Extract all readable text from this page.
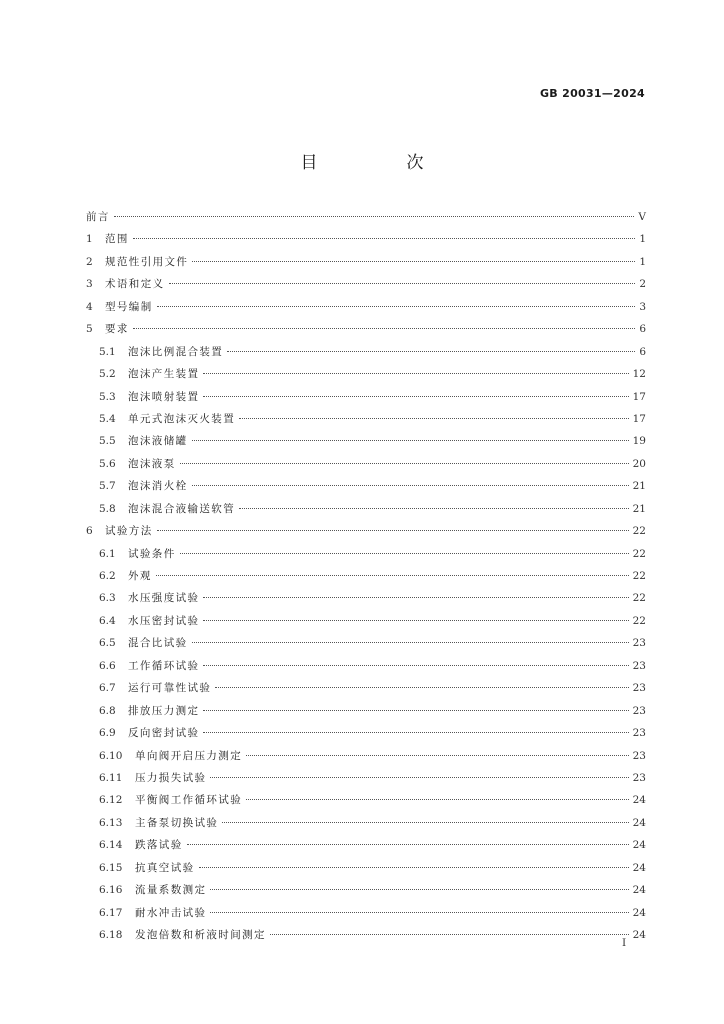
GB 20031—2024
目　次
前言	V
1	范围	1
2	规范性引用文件	1
3	术语和定义	2
4	型号编制	3
5	要求	6
5.1	泡沫比例混合装置	6
5.2	泡沫产生装置	12
5.3	泡沫喷射装置	17
5.4	单元式泡沫灭火装置	17
5.5	泡沫液储罐	19
5.6	泡沫液泵	20
5.7	泡沫消火栓	21
5.8	泡沫混合液输送软管	21
6	试验方法	22
6.1	试验条件	22
6.2	外观	22
6.3	水压强度试验	22
6.4	水压密封试验	22
6.5	混合比试验	23
6.6	工作循环试验	23
6.7	运行可靠性试验	23
6.8	排放压力测定	23
6.9	反向密封试验	23
6.10	单向阀开启压力测定	23
6.11	压力损失试验	23
6.12	平衡阀工作循环试验	24
6.13	主备泵切换试验	24
6.14	跌落试验	24
6.15	抗真空试验	24
6.16	流量系数测定	24
6.17	耐水冲击试验	24
6.18	发泡倍数和析液时间测定	24
I
